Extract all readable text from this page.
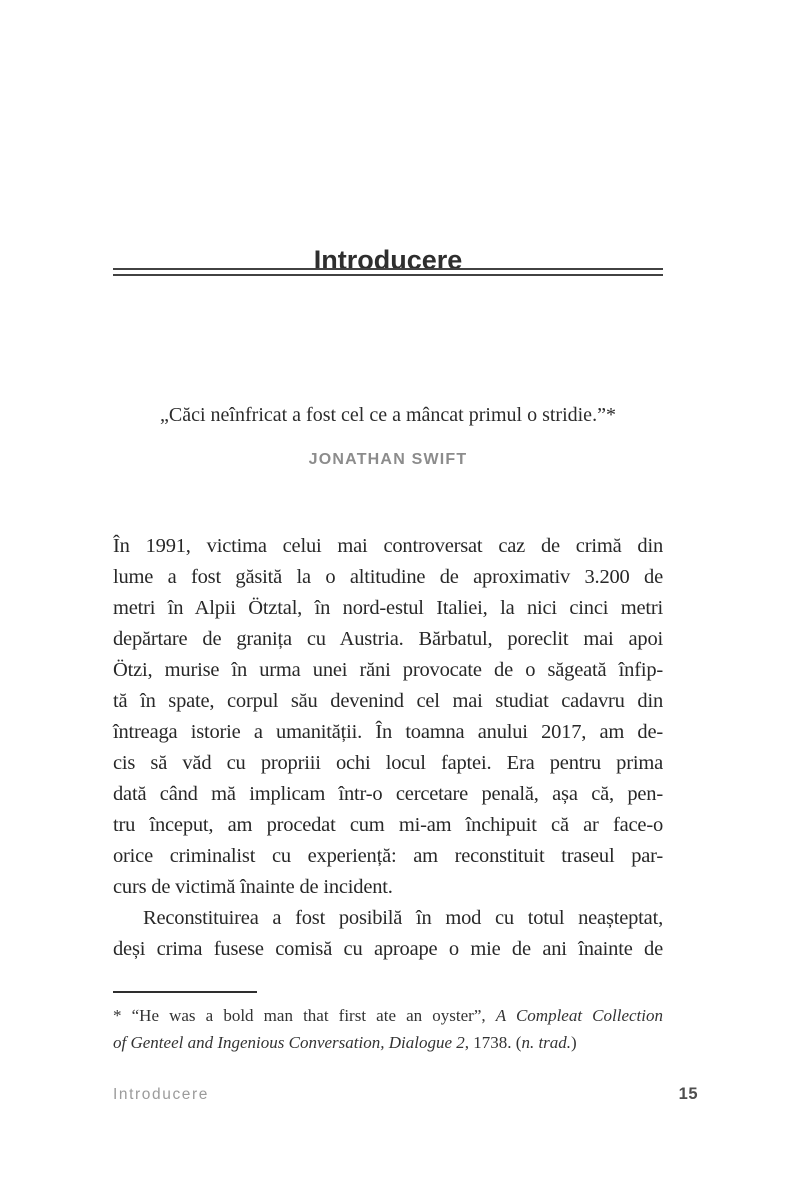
Introducere
„Căci neînfricat a fost cel ce a mâncat primul o stridie.”*
JONATHAN SWIFT
În 1991, victima celui mai controversat caz de crimă din
lume a fost găsită la o altitudine de aproximativ 3.200 de
metri în Alpii Ötztal, în nord-estul Italiei, la nici cinci metri
depărtare de granița cu Austria. Bărbatul, poreclit mai apoi
Ötzi, murise în urma unei răni provocate de o săgeată înfip-
tă în spate, corpul său devenind cel mai studiat cadavru din
întreaga istorie a umanității. În toamna anului 2017, am de-
cis să văd cu propriii ochi locul faptei. Era pentru prima
dată când mă implicam într-o cercetare penală, așa că, pen-
tru început, am procedat cum mi-am închipuit că ar face-o
orice criminalist cu experiență: am reconstituit traseul par-
curs de victimă înainte de incident.
Reconstituirea a fost posibilă în mod cu totul neașteptat,
deși crima fusese comisă cu aproape o mie de ani înainte de
* “He was a bold man that first ate an oyster”, A Compleat Collection
of Genteel and Ingenious Conversation, Dialogue 2, 1738. (n. trad.)
Introducere	15
